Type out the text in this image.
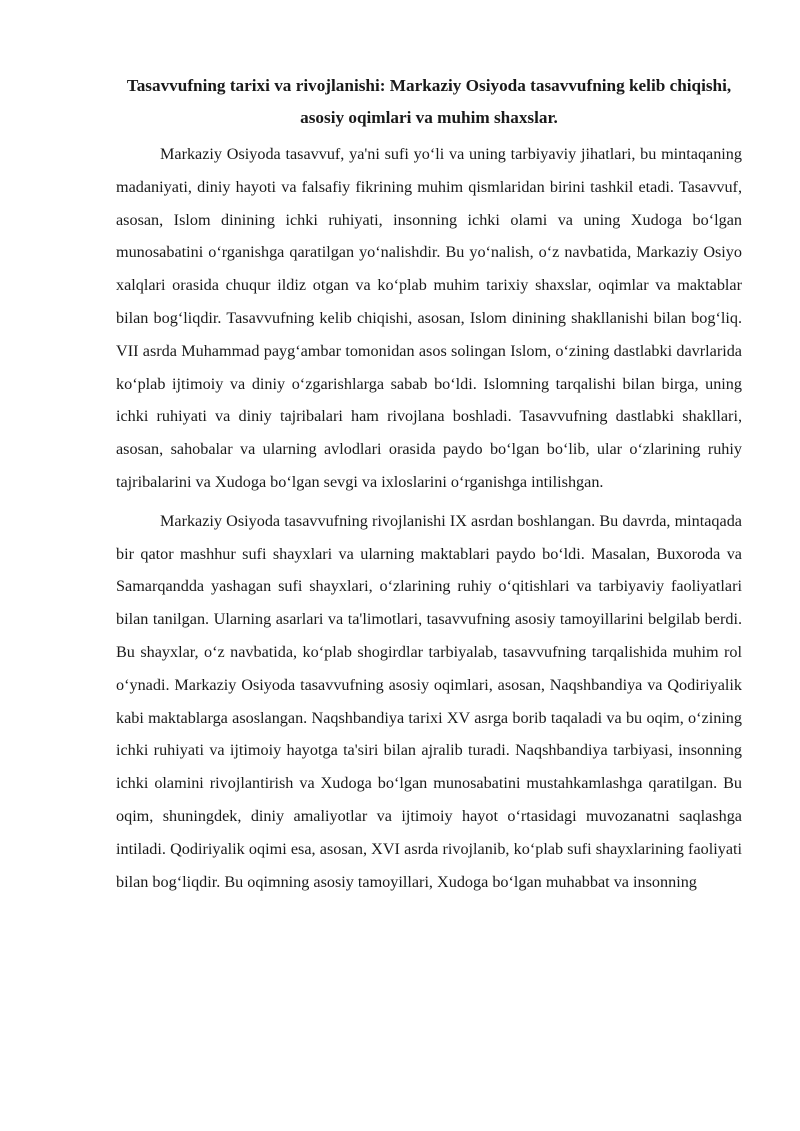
Tasavvufning tarixi va rivojlanishi: Markaziy Osiyoda tasavvufning kelib chiqishi, asosiy oqimlari va muhim shaxslar.

Markaziy Osiyoda tasavvuf, ya'ni sufi yo‘li va uning tarbiyaviy jihatlari, bu mintaqaning madaniyati, diniy hayoti va falsafiy fikrining muhim qismlaridan birini tashkil etadi. Tasavvuf, asosan, Islom dinining ichki ruhiyati, insonning ichki olami va uning Xudoga bo‘lgan munosabatini o‘rganishga qaratilgan yo‘nalishdir. Bu yo‘nalish, o‘z navbatida, Markaziy Osiyo xalqlari orasida chuqur ildiz otgan va ko‘plab muhim tarixiy shaxslar, oqimlar va maktablar bilan bog‘liqdir. Tasavvufning kelib chiqishi, asosan, Islom dinining shakllanishi bilan bog‘liq. VII asrda Muhammad payg‘ambar tomonidan asos solingan Islom, o‘zining dastlabki davrlarida ko‘plab ijtimoiy va diniy o‘zgarishlarga sabab bo‘ldi. Islomning tarqalishi bilan birga, uning ichki ruhiyati va diniy tajribalari ham rivojlana boshladi. Tasavvufning dastlabki shakllari, asosan, sahobalar va ularning avlodlari orasida paydo bo‘lgan bo‘lib, ular o‘zlarining ruhiy tajribalarini va Xudoga bo‘lgan sevgi va ixloslarini o‘rganishga intilishgan.

Markaziy Osiyoda tasavvufning rivojlanishi IX asrdan boshlangan. Bu davrda, mintaqada bir qator mashhur sufi shayxlari va ularning maktablari paydo bo‘ldi. Masalan, Buxoroda va Samarqandda yashagan sufi shayxlari, o‘zlarining ruhiy o‘qitishlari va tarbiyaviy faoliyatlari bilan tanilgan. Ularning asarlari va ta'limotlari, tasavvufning asosiy tamoyillarini belgilab berdi. Bu shayxlar, o‘z navbatida, ko‘plab shogirdlar tarbiyalab, tasavvufning tarqalishida muhim rol o‘ynadi. Markaziy Osiyoda tasavvufning asosiy oqimlari, asosan, Naqshbandiya va Qodiriyalik kabi maktablarga asoslangan. Naqshbandiya tarixi XV asrga borib taqaladi va bu oqim, o‘zining ichki ruhiyati va ijtimoiy hayotga ta'siri bilan ajralib turadi. Naqshbandiya tarbiyasi, insonning ichki olamini rivojlantirish va Xudoga bo‘lgan munosabatini mustahkamlashga qaratilgan. Bu oqim, shuningdek, diniy amaliyotlar va ijtimoiy hayot o‘rtasidagi muvozanatni saqlashga intiladi. Qodiriyalik oqimi esa, asosan, XVI asrda rivojlanib, ko‘plab sufi shayxlarining faoliyati bilan bog‘liqdir. Bu oqimning asosiy tamoyillari, Xudoga bo‘lgan muhabbat va insonning
